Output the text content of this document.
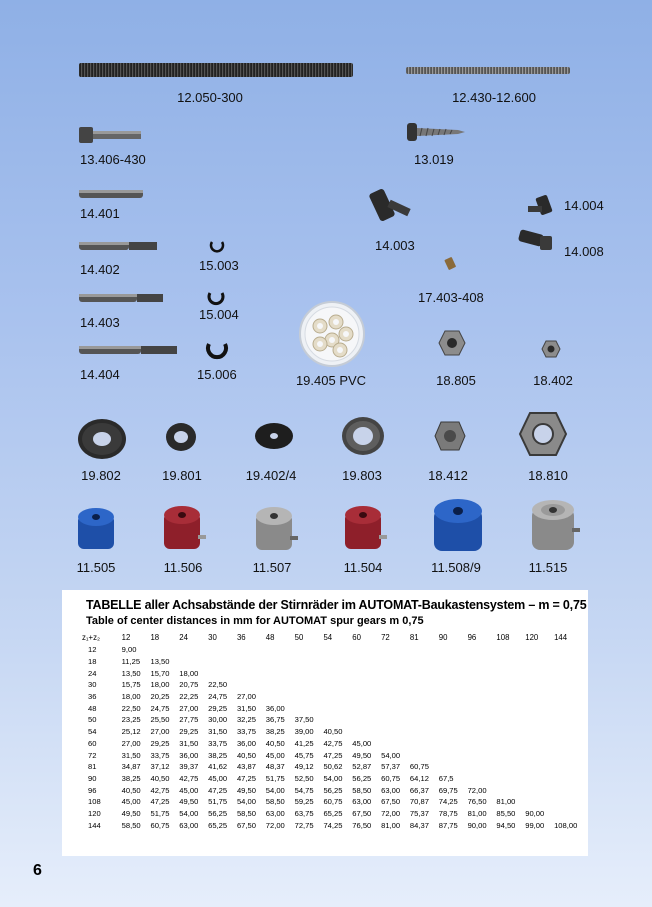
12.050-300	12.430-12.600
13.406-430	13.019
14.401
14.003
14.004
14.402	15.003
14.008
17.403-408
14.403
15.004
19.405 PVC	18.805	18.402
14.404	15.006
19.802	19.801	19.402/4	19.803	18.412	18.810
11.505	11.506	11.507	11.504	11.508/9	11.515
TABELLE aller Achsabstände der Stirnräder im AUTOMAT-Baukastensystem – m = 0,75
Table of center distances in mm for AUTOMAT spur gears m 0,75
z₁+z₂	12	18	24	30	36	48	50	54	60	72	81	90	96	108	120	144
12	9,00															
18	11,25	13,50														
24	13,50	15,70	18,00													
30	15,75	18,00	20,75	22,50												
36	18,00	20,25	22,25	24,75	27,00											
48	22,50	24,75	27,00	29,25	31,50	36,00										
50	23,25	25,50	27,75	30,00	32,25	36,75	37,50									
54	25,12	27,00	29,25	31,50	33,75	38,25	39,00	40,50								
60	27,00	29,25	31,50	33,75	36,00	40,50	41,25	42,75	45,00							
72	31,50	33,75	36,00	38,25	40,50	45,00	45,75	47,25	49,50	54,00						
81	34,87	37,12	39,37	41,62	43,87	48,37	49,12	50,62	52,87	57,37	60,75					
90	38,25	40,50	42,75	45,00	47,25	51,75	52,50	54,00	56,25	60,75	64,12	67,5				
96	40,50	42,75	45,00	47,25	49,50	54,00	54,75	56,25	58,50	63,00	66,37	69,75	72,00			
108	45,00	47,25	49,50	51,75	54,00	58,50	59,25	60,75	63,00	67,50	70,87	74,25	76,50	81,00		
120	49,50	51,75	54,00	56,25	58,50	63,00	63,75	65,25	67,50	72,00	75,37	78,75	81,00	85,50	90,00	
144	58,50	60,75	63,00	65,25	67,50	72,00	72,75	74,25	76,50	81,00	84,37	87,75	90,00	94,50	99,00	108,00
6
